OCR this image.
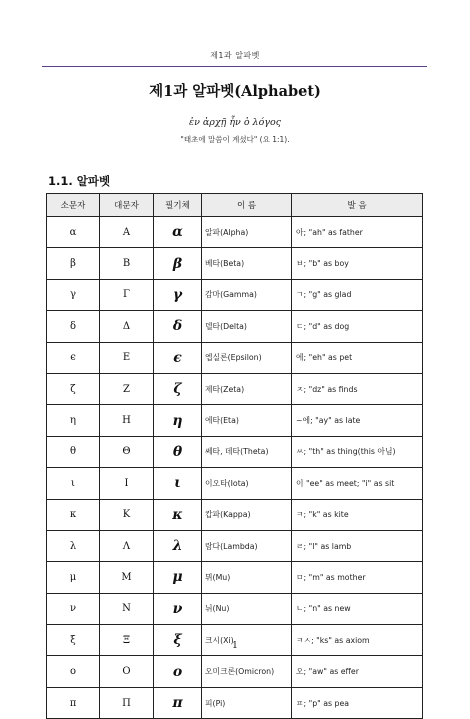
제1과 알파벳
제1과 알파벳(Alphabet)
ἐν ἀρχῇ ἦν ὁ λόγος
"태초에 말씀이 계셨다" (요 1:1).
1.1. 알파벳
소문자	대문자	필기체	이 름	발 음
α	A	α	알파(Alpha)	아; "ah" as father
β	B	β	베타(Beta)	ㅂ; "b" as boy
γ	Γ	γ	감마(Gamma)	ㄱ; "g" as glad
δ	Δ	δ	델타(Delta)	ㄷ; "d" as dog
ϵ	E	ϵ	엡실론(Epsilon)	에; "eh" as pet
ζ	Z	ζ	제타(Zeta)	ㅈ; "dz" as finds
η	H	η	에타(Eta)	~에; "ay" as late
θ	Θ	θ	쎄타, 데타(Theta)	ㅆ; "th" as thing(this 아님)
ι	I	ι	이오타(Iota)	이 "ee" as meet; "i" as sit
κ	K	κ	캅파(Kappa)	ㅋ; "k" as kite
λ	Λ	λ	람다(Lambda)	ㄹ; "l" as lamb
μ	M	μ	뮈(Mu)	ㅁ; "m" as mother
ν	N	ν	뉘(Nu)	ㄴ; "n" as new
ξ	Ξ	ξ	크시(Xi)	ㅋㅅ; "ks" as axiom
o	O	o	오미크론(Omicron)	오; "aw" as effer
π	Π	π	피(Pi)	ㅍ; "p" as pea
1
